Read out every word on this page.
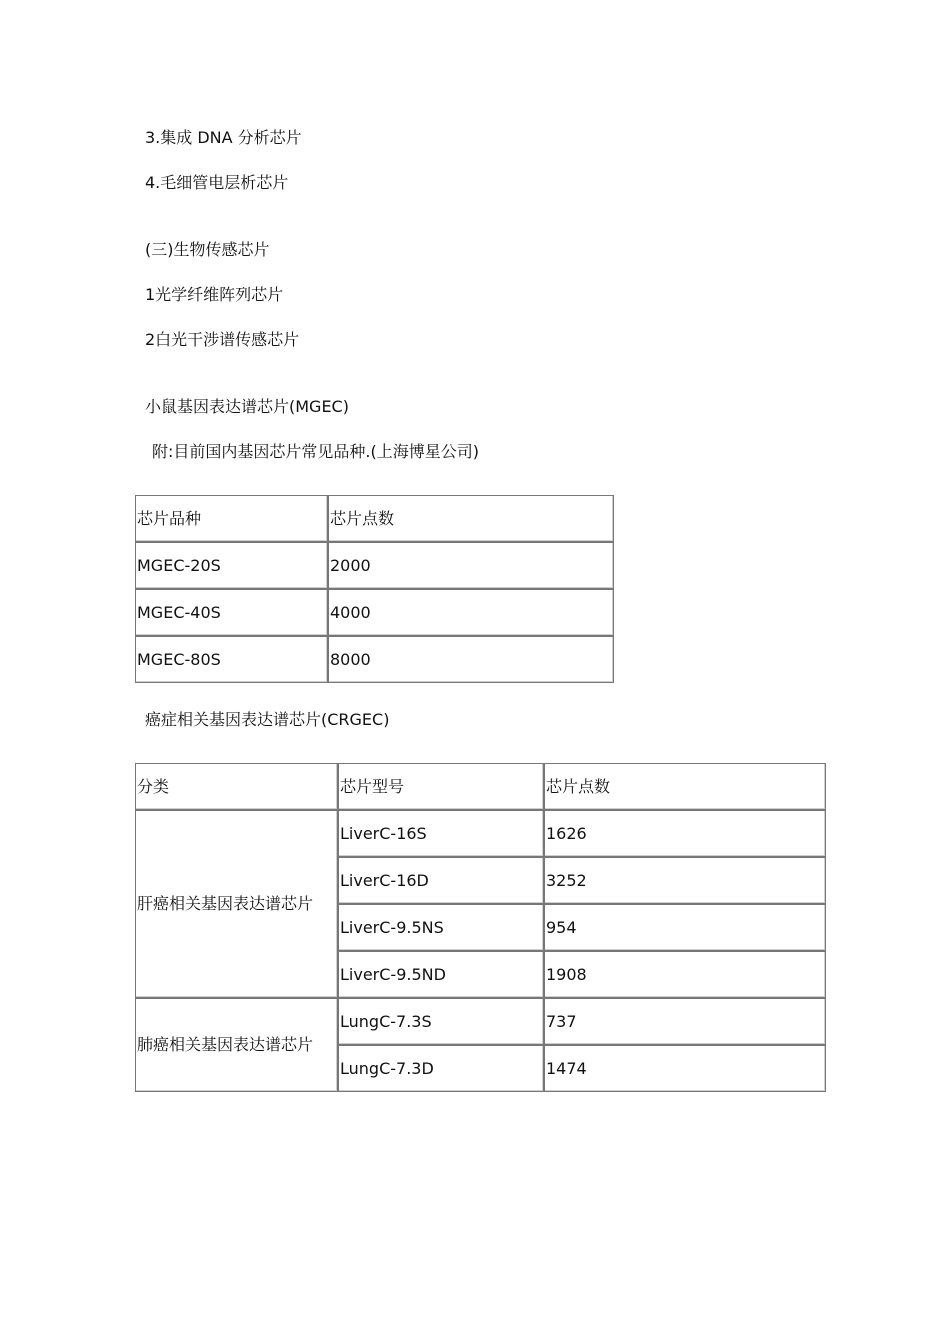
3.集成 DNA 分析芯片
4.毛细管电层析芯片
(三)生物传感芯片
1光学纤维阵列芯片
2白光干涉谱传感芯片
小鼠基因表达谱芯片(MGEC)
附:目前国内基因芯片常见品种.(上海博星公司)
芯片品种	芯片点数
MGEC-20S	2000
MGEC-40S	4000
MGEC-80S	8000
癌症相关基因表达谱芯片(CRGEC)
分类	芯片型号	芯片点数
肝癌相关基因表达谱芯片	LiverC-16S	1626
	LiverC-16D	3252
	LiverC-9.5NS	954
	LiverC-9.5ND	1908
肺癌相关基因表达谱芯片	LungC-7.3S	737
	LungC-7.3D	1474
